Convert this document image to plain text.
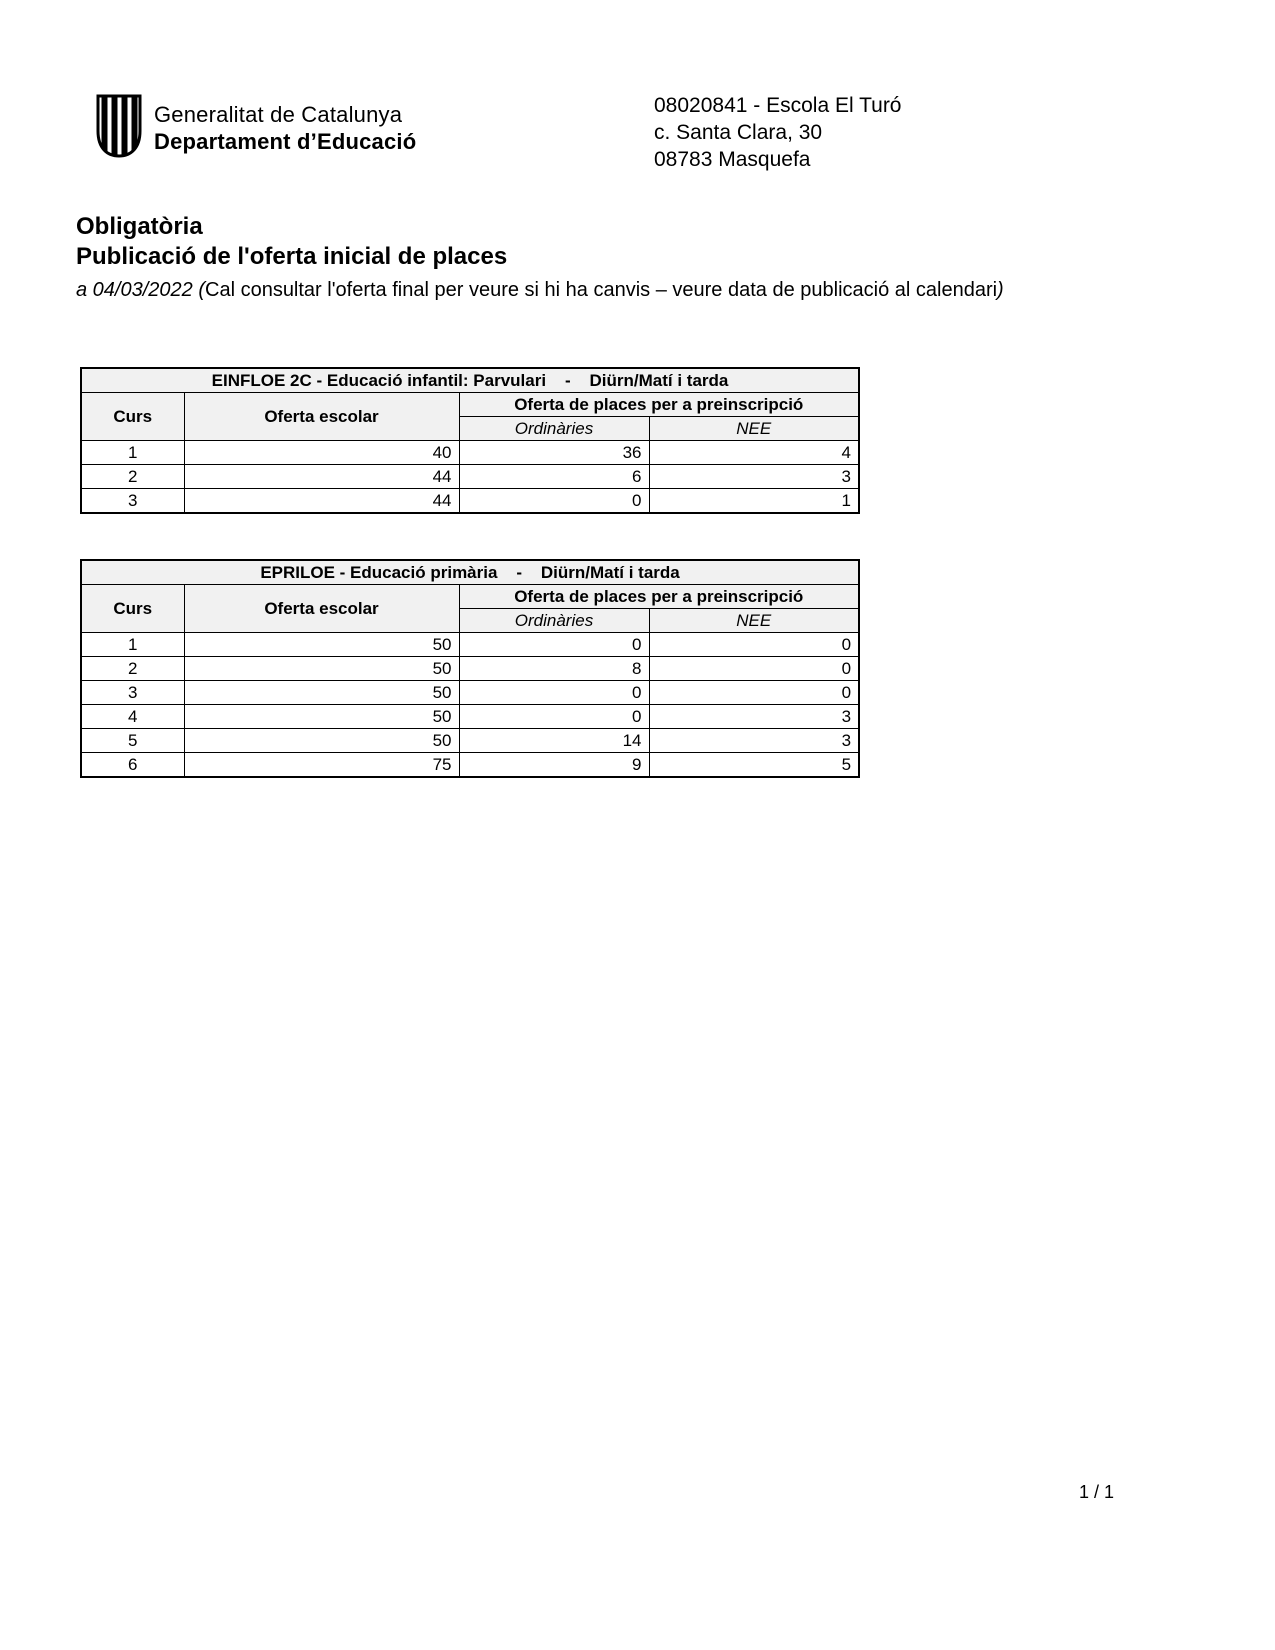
Generalitat de Catalunya
Departament d’Educació
08020841 - Escola El Turó
c. Santa Clara, 30
08783 Masquefa
Obligatòria
Publicació de l'oferta inicial de places
a 04/03/2022 (Cal consultar l'oferta final per veure si hi ha canvis – veure data de publicació al calendari)
EINFLOE 2C - Educació infantil: Parvulari    -    Diürn/Matí i tarda			
Curs	Oferta escolar	Oferta de places per a preinscripció	
		Ordinàries	NEE
1	40	36	4
2	44	6	3
3	44	0	1
EPRILOE - Educació primària    -    Diürn/Matí i tarda			
Curs	Oferta escolar	Oferta de places per a preinscripció	
		Ordinàries	NEE
1	50	0	0
2	50	8	0
3	50	0	0
4	50	0	3
5	50	14	3
6	75	9	5
1 / 1
